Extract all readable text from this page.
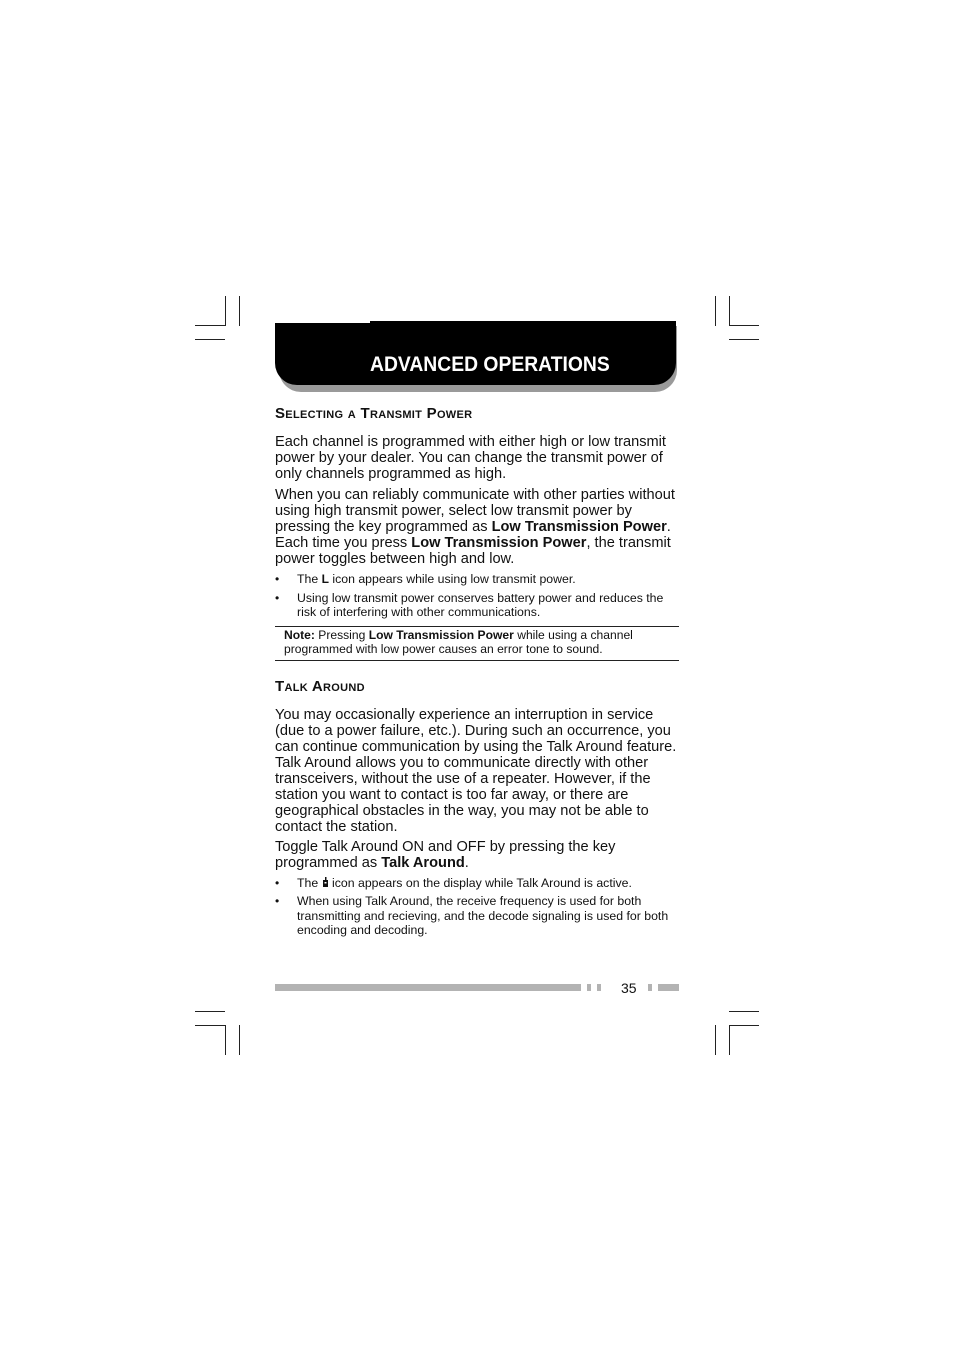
ADVANCED OPERATIONS
Selecting a Transmit Power

Each channel is programmed with either high or low transmit power by your dealer. You can change the transmit power of only channels programmed as high.

When you can reliably communicate with other parties without using high transmit power, select low transmit power by pressing the key programmed as Low Transmission Power. Each time you press Low Transmission Power, the transmit power toggles between high and low.

• The L icon appears while using low transmit power.
• Using low transmit power conserves battery power and reduces the risk of interfering with other communications.
Note: Pressing Low Transmission Power while using a channel programmed with low power causes an error tone to sound.
Talk Around

You may occasionally experience an interruption in service (due to a power failure, etc.). During such an occurrence, you can continue communication by using the Talk Around feature. Talk Around allows you to communicate directly with other transceivers, without the use of a repeater. However, if the station you want to contact is too far away, or there are geographical obstacles in the way, you may not be able to contact the station.

Toggle Talk Around ON and OFF by pressing the key programmed as Talk Around.

• The  icon appears on the display while Talk Around is active.
• When using Talk Around, the receive frequency is used for both transmitting and recieving, and the decode signaling is used for both encoding and decoding.
35
